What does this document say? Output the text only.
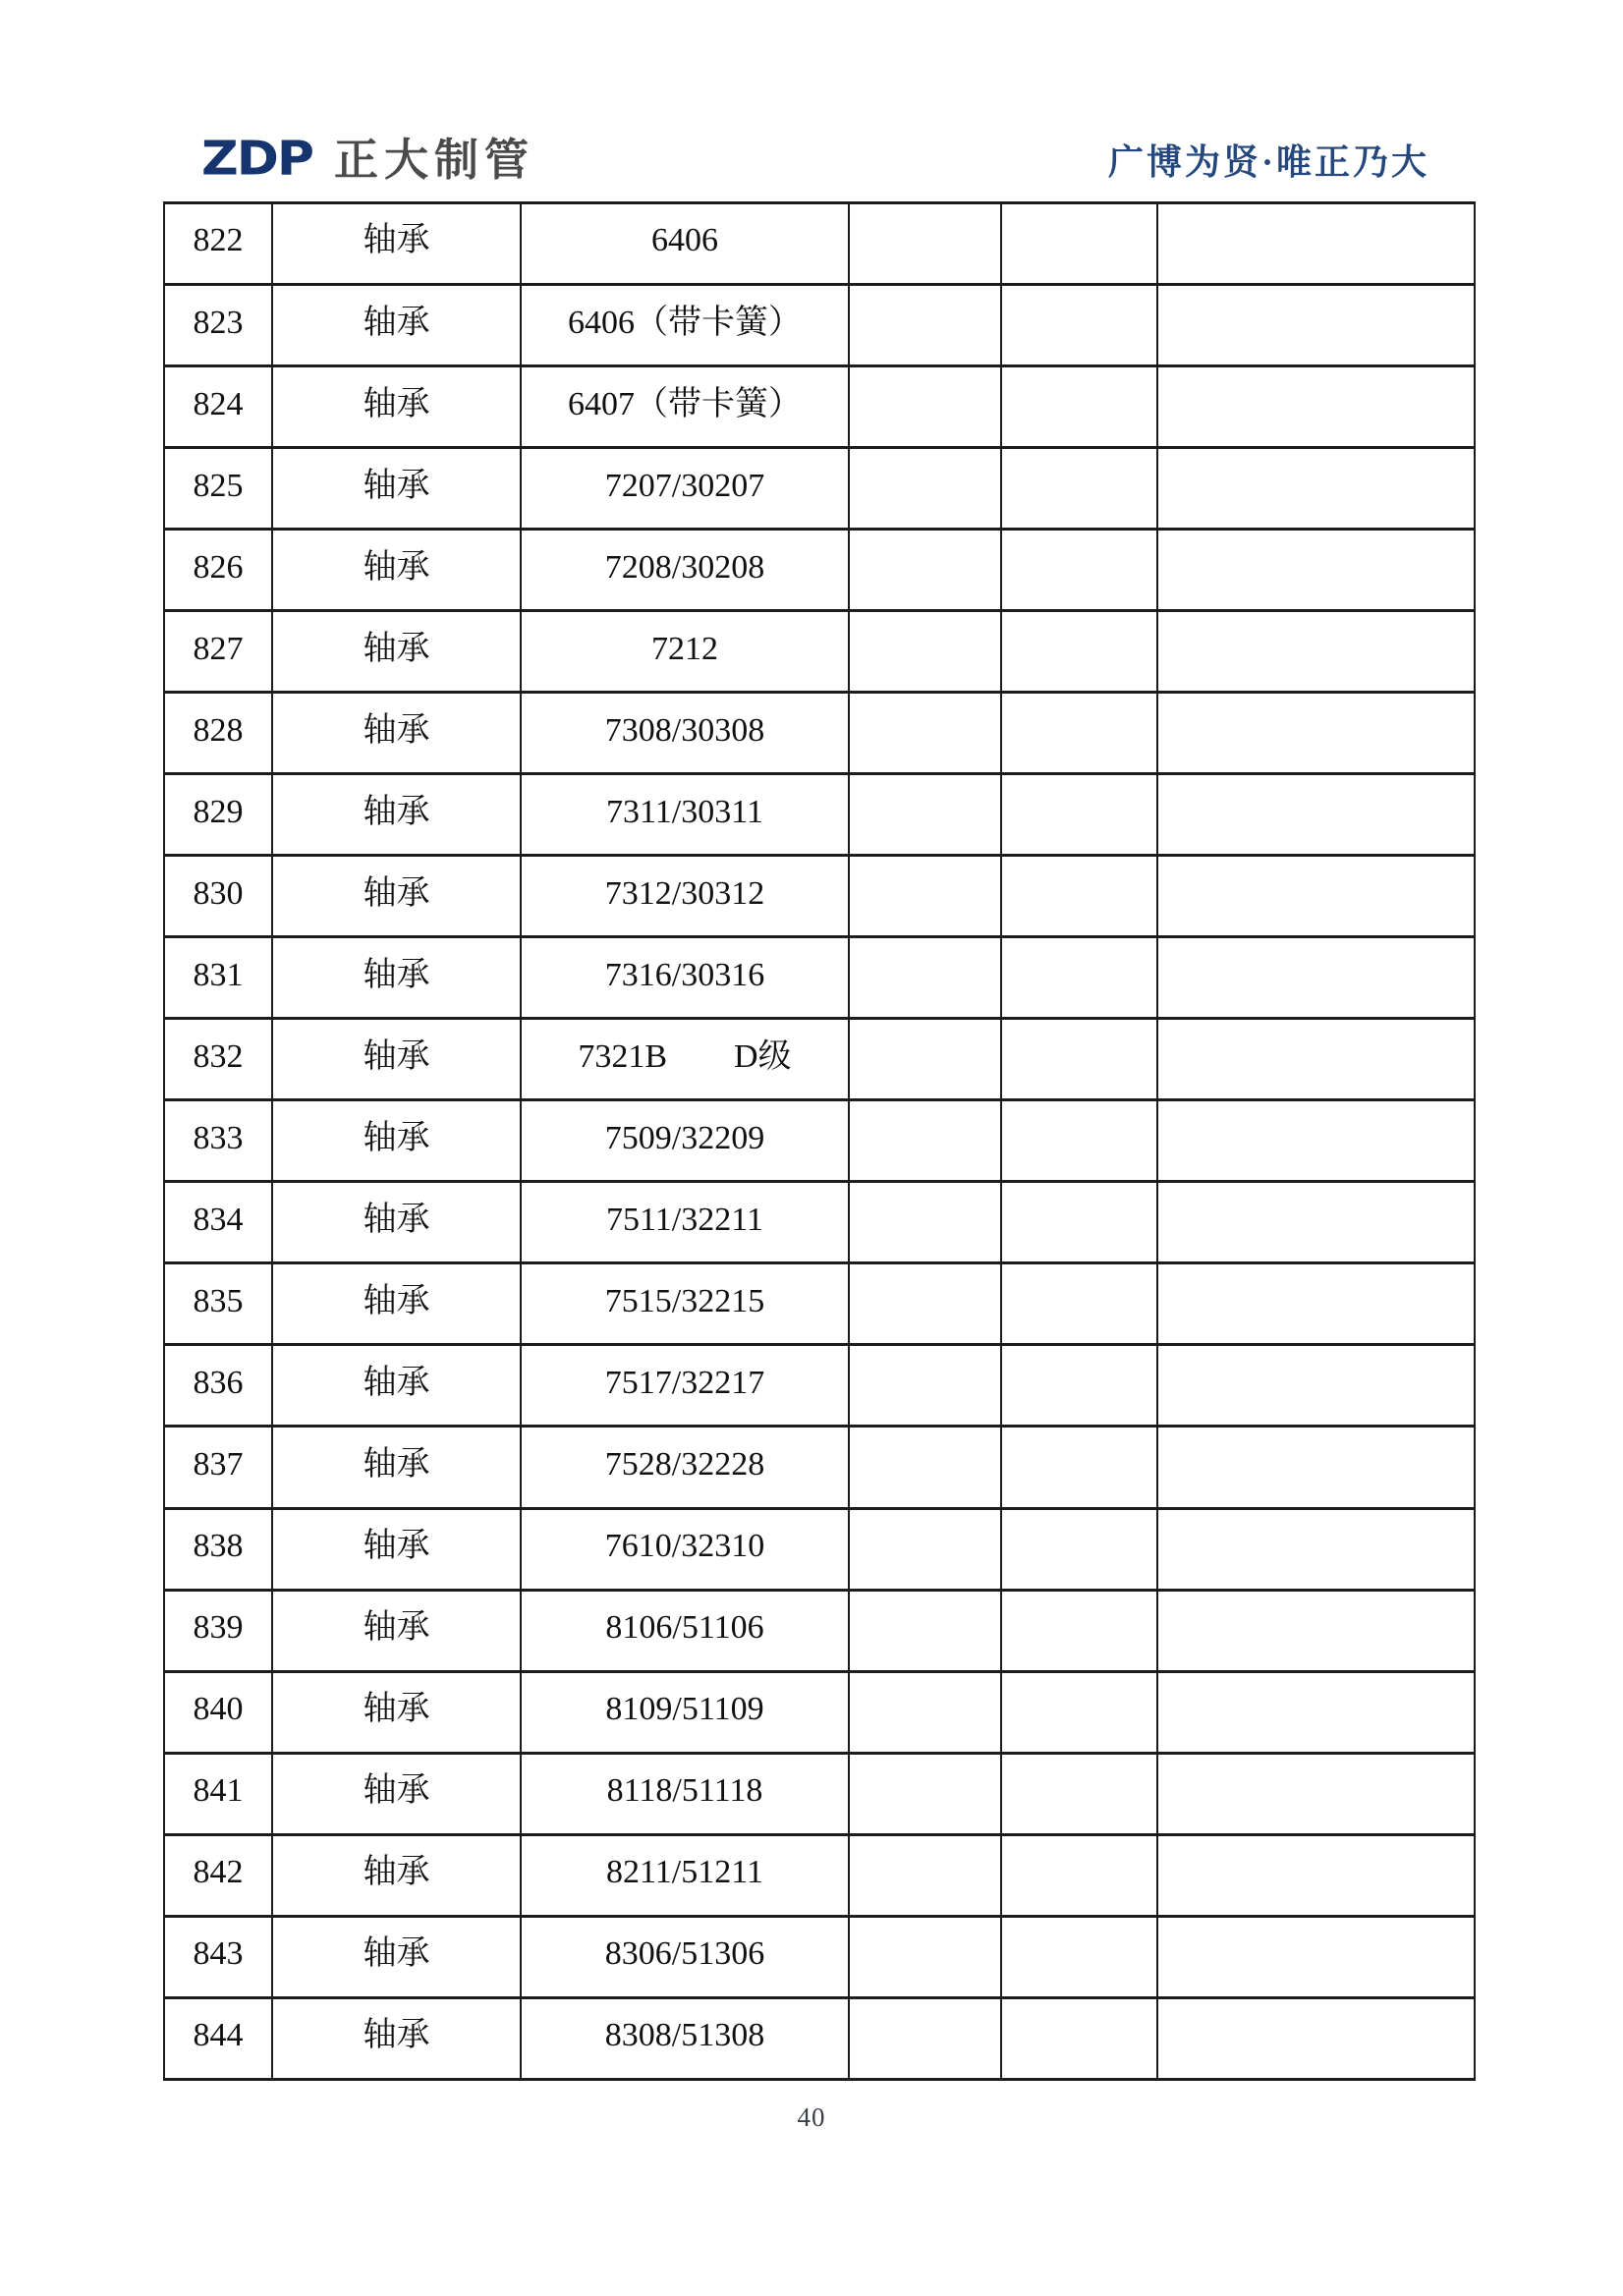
ZDP 正大制管	广博为贤·唯正乃大
822	轴承	6406			
823	轴承	6406（带卡簧）			
824	轴承	6407（带卡簧）			
825	轴承	7207/30207			
826	轴承	7208/30208			
827	轴承	7212			
828	轴承	7308/30308			
829	轴承	7311/30311			
830	轴承	7312/30312			
831	轴承	7316/30316			
832	轴承	7321B　　D级			
833	轴承	7509/32209			
834	轴承	7511/32211			
835	轴承	7515/32215			
836	轴承	7517/32217			
837	轴承	7528/32228			
838	轴承	7610/32310			
839	轴承	8106/51106			
840	轴承	8109/51109			
841	轴承	8118/51118			
842	轴承	8211/51211			
843	轴承	8306/51306			
844	轴承	8308/51308			
40
